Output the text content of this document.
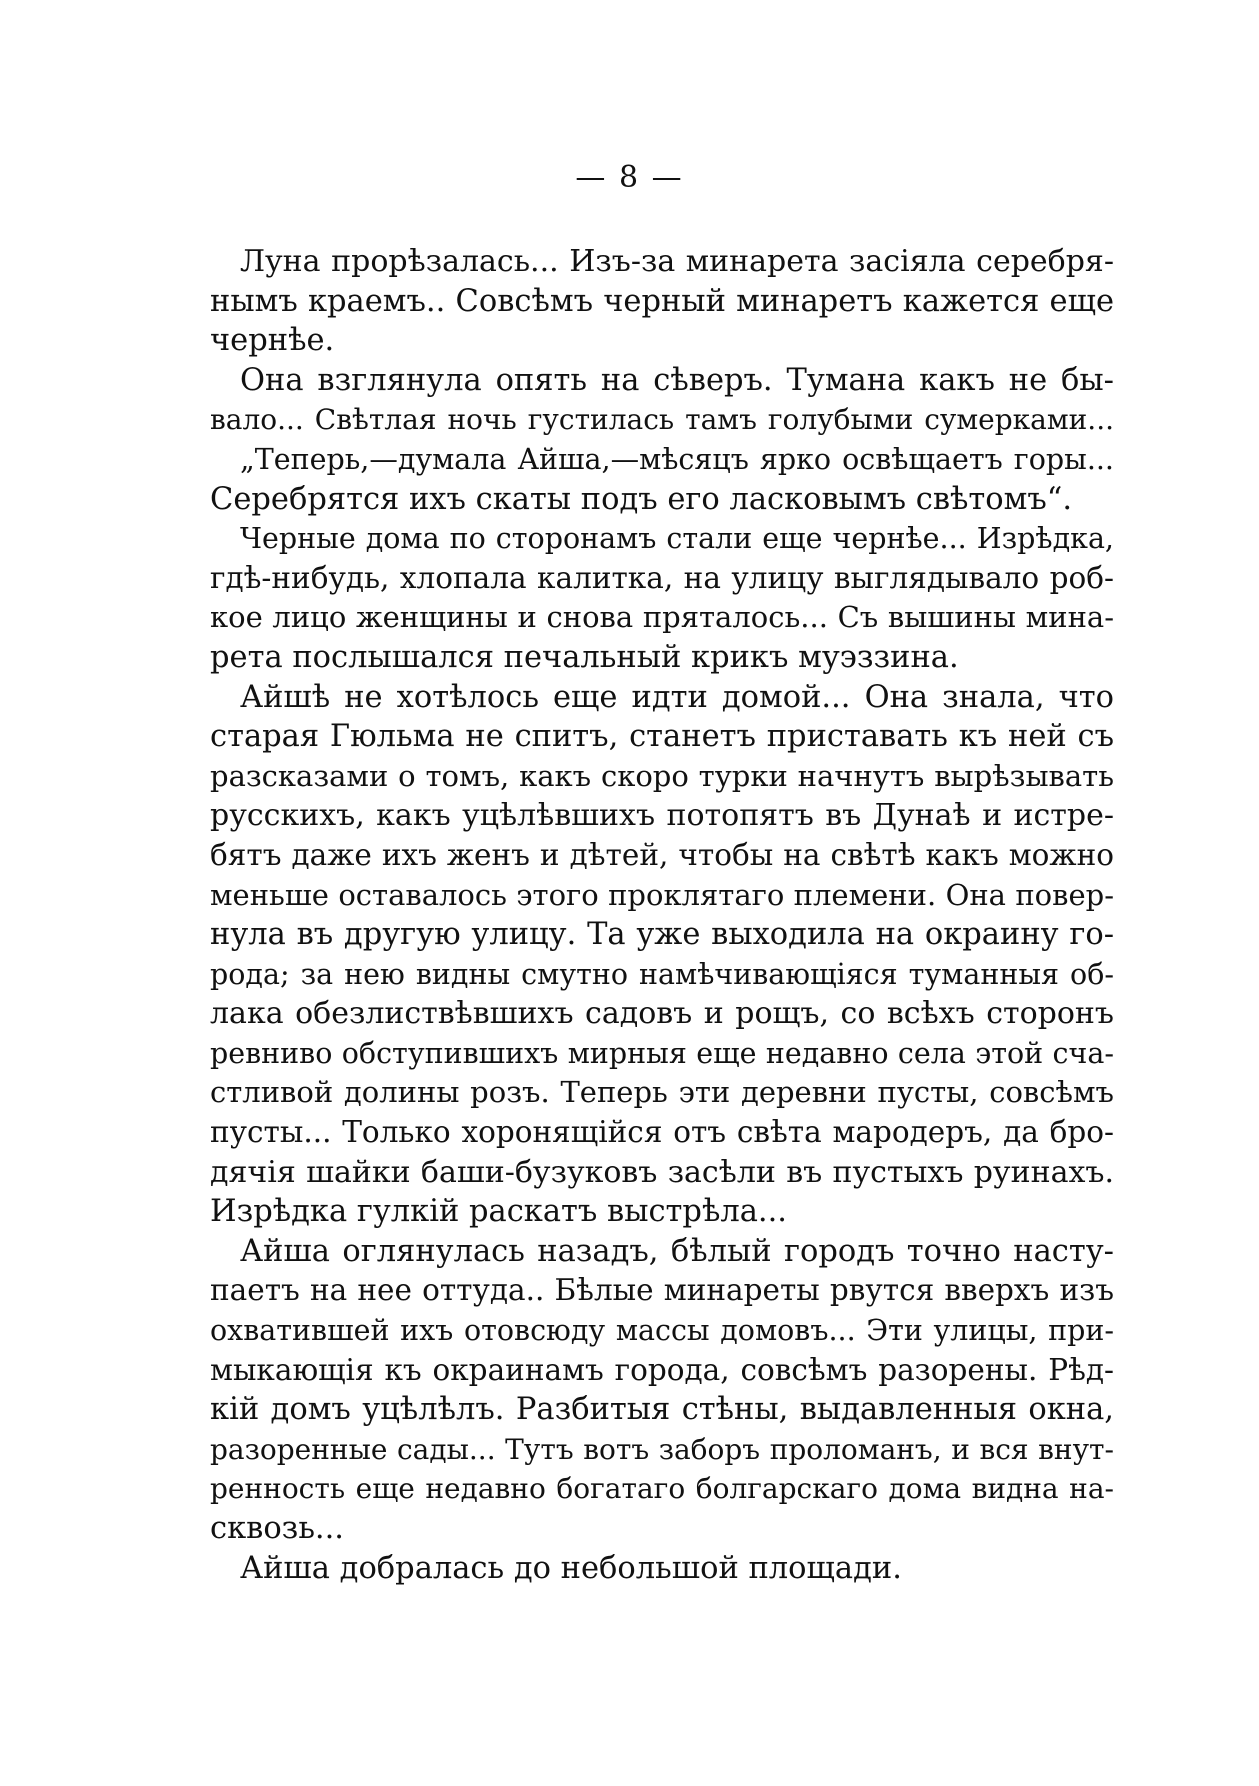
— 8 —
Луна прорѣзалась... Изъ-за минарета засіяла серебря-
нымъ краемъ.. Совсѣмъ черный минаретъ кажется еще
чернѣе.
Она взглянула опять на сѣверъ. Тумана какъ не бы-
вало... Свѣтлая ночь густилась тамъ голубыми сумерками...
„Теперь,—думала Айша,—мѣсяцъ ярко освѣщаетъ горы...
Серебрятся ихъ скаты подъ его ласковымъ свѣтомъ“.
Черные дома по сторонамъ стали еще чернѣе... Изрѣдка,
гдѣ-нибудь, хлопала калитка, на улицу выглядывало роб-
кое лицо женщины и снова пряталось... Съ вышины мина-
рета послышался печальный крикъ муэззина.
Айшѣ не хотѣлось еще идти домой... Она знала, что
старая Гюльма не спитъ, станетъ приставать къ ней съ
разсказами о томъ, какъ скоро турки начнутъ вырѣзывать
русскихъ, какъ уцѣлѣвшихъ потопятъ въ Дунаѣ и истре-
бятъ даже ихъ женъ и дѣтей, чтобы на свѣтѣ какъ можно
меньше оставалось этого проклятаго племени. Она повер-
нула въ другую улицу. Та уже выходила на окраину го-
рода; за нею видны смутно намѣчивающіяся туманныя об-
лака обезлиствѣвшихъ садовъ и рощъ, со всѣхъ сторонъ
ревниво обступившихъ мирныя еще недавно села этой сча-
стливой долины розъ. Теперь эти деревни пусты, совсѣмъ
пусты... Только хоронящійся отъ свѣта мародеръ, да бро-
дячія шайки баши-бузуковъ засѣли въ пустыхъ руинахъ.
Изрѣдка гулкій раскатъ выстрѣла...
Айша оглянулась назадъ, бѣлый городъ точно насту-
паетъ на нее оттуда.. Бѣлые минареты рвутся вверхъ изъ
охватившей ихъ отовсюду массы домовъ... Эти улицы, при-
мыкающія къ окраинамъ города, совсѣмъ разорены. Рѣд-
кій домъ уцѣлѣлъ. Разбитыя стѣны, выдавленныя окна,
разоренные сады... Тутъ вотъ заборъ проломанъ, и вся внут-
ренность еще недавно богатаго болгарскаго дома видна на-
сквозь...
Айша добралась до небольшой площади.
